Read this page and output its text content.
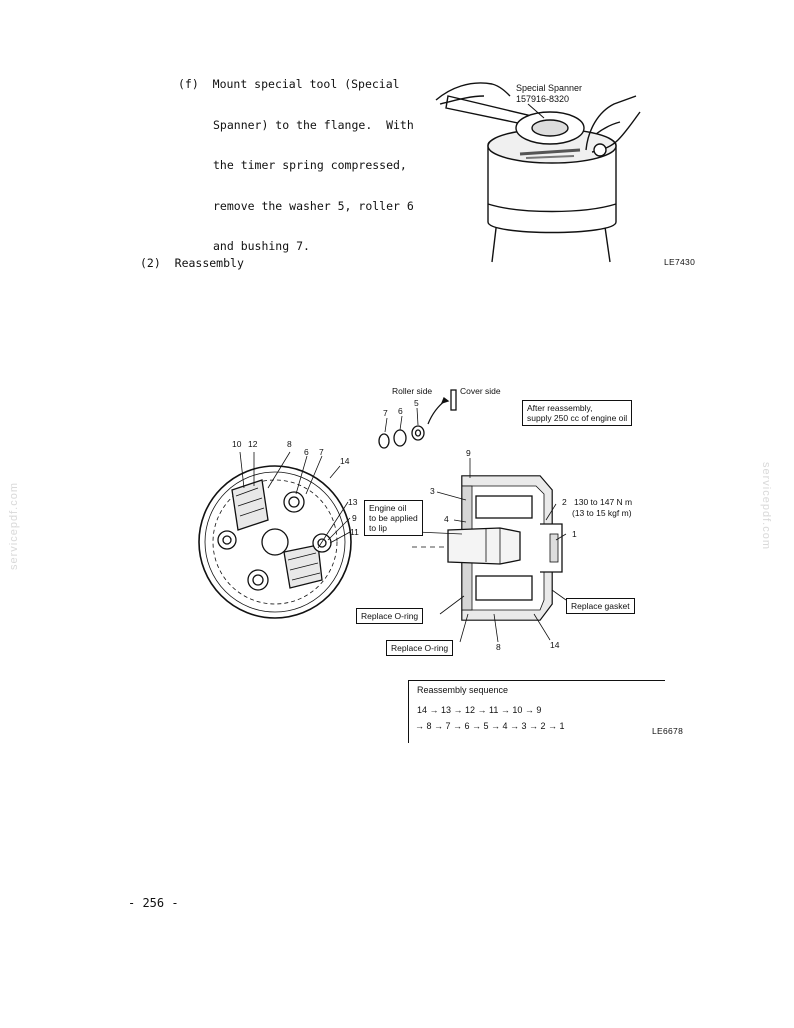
(f) Mount special tool (Special

Spanner) to the flange.  With

the timer spring compressed,

remove the washer 5, roller 6

and bushing 7.

Special Spanner
157916-8320
LE7430
(2) Reassembly
Roller side	Cover side
After reassembly,
supply 250 cc of engine oil
Engine oil
to be applied
to lip
130 to 147 N m
(13 to 15 kgf m)
Replace O-ring
Replace O-ring
Replace gasket
10 12	8
6 7
14
13
9
11
7 6
5
9
3
4
2
1
8	14
Reassembly sequence
14 → 13 → 12 → 11 → 10 → 9
→ 8 → 7 → 6 → 5 → 4 → 3 → 2 → 1	LE6678
- 256 -
servicepdf.com	servicepdf.com
